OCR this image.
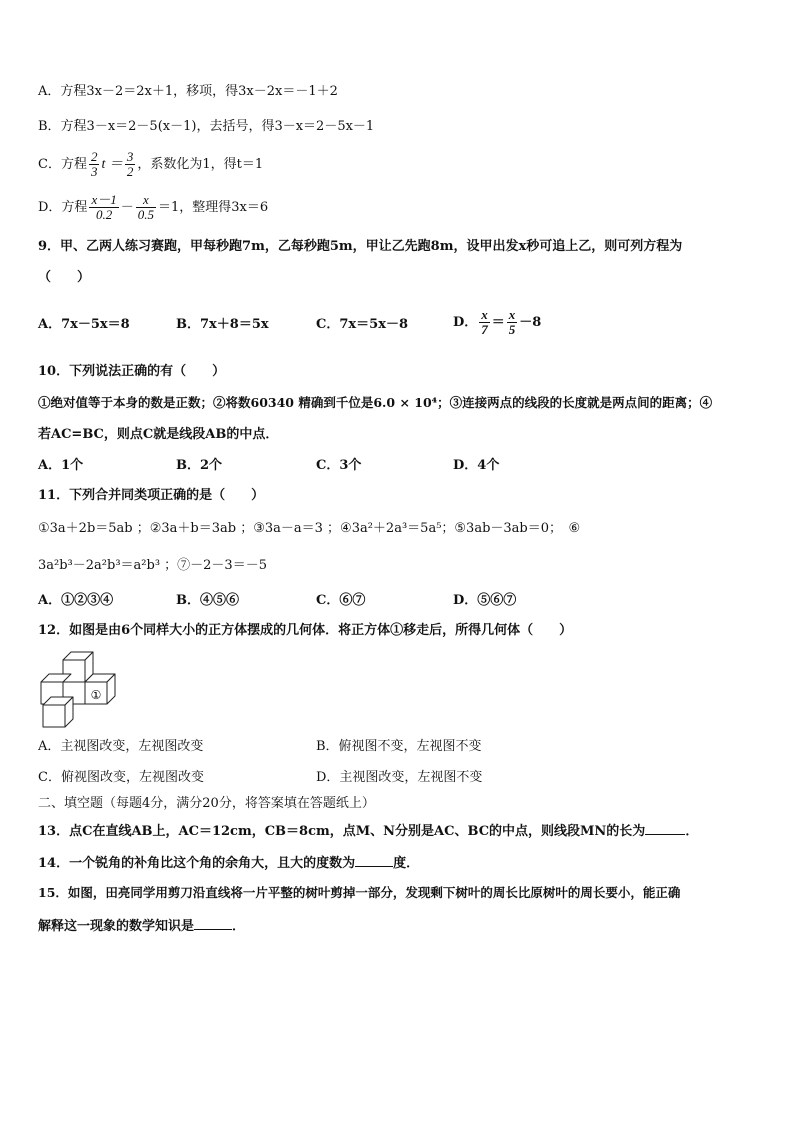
A．方程3x－2＝2x＋1，移项，得3x－2x＝－1＋2
B．方程3－x＝2－5(x－1)，去括号，得3－x＝2－5x－1
C．方程 $\frac{2}{3}$ $t = \frac{3}{2}$ ，系数化为1，得t＝1
D．方程 $\frac{x-1}{0.2} - \frac{x}{0.5} =1$，整理得3x＝6
9．甲、乙两人练习赛跑，甲每秒跑7m，乙每秒跑5m，甲让乙先跑8m，设甲出发x秒可追上乙，则可列方程为
（　　）
A．7x－5x＝8	B．7x＋8＝5x	C．7x＝5x－8	D． $\frac{x}{7} = \frac{x}{5} -8$
10．下列说法正确的有（　　）
①绝对值等于本身的数是正数；②将数60340 精确到千位是6.0 × 10⁴；③连接两点的线段的长度就是两点间的距离；④
若AC=BC，则点C就是线段AB的中点．
A．1个	B．2个	C．3个	D．4个
11．下列合并同类项正确的是（　　）
①3a＋2b＝5ab ；②3a＋b＝3ab ；③3a－a＝3 ；④3a²＋2a³＝5a⁵；⑤3ab－3ab＝0；　⑥
3a²b³－2a²b³＝a²b³ ；⑦－2－3＝－5
A．①②③④	B．④⑤⑥	C．⑥⑦	D．⑤⑥⑦
12．如图是由6个同样大小的正方体摆成的几何体．将正方体①移走后，所得几何体（　　）
①
A．主视图改变，左视图改变	B．俯视图不变，左视图不变
C．俯视图改变，左视图改变	D．主视图改变，左视图不变
二、填空题（每题4分，满分20分，将答案填在答题纸上）
13．点C在直线AB上，AC＝12cm，CB＝8cm，点M、N分别是AC、BC的中点，则线段MN的长为	．
14．一个锐角的补角比这个角的余角大，且大的度数为	度．
15．如图，田亮同学用剪刀沿直线将一片平整的树叶剪掉一部分，发现剩下树叶的周长比原树叶的周长要小，能正确
解释这一现象的数学知识是	．
